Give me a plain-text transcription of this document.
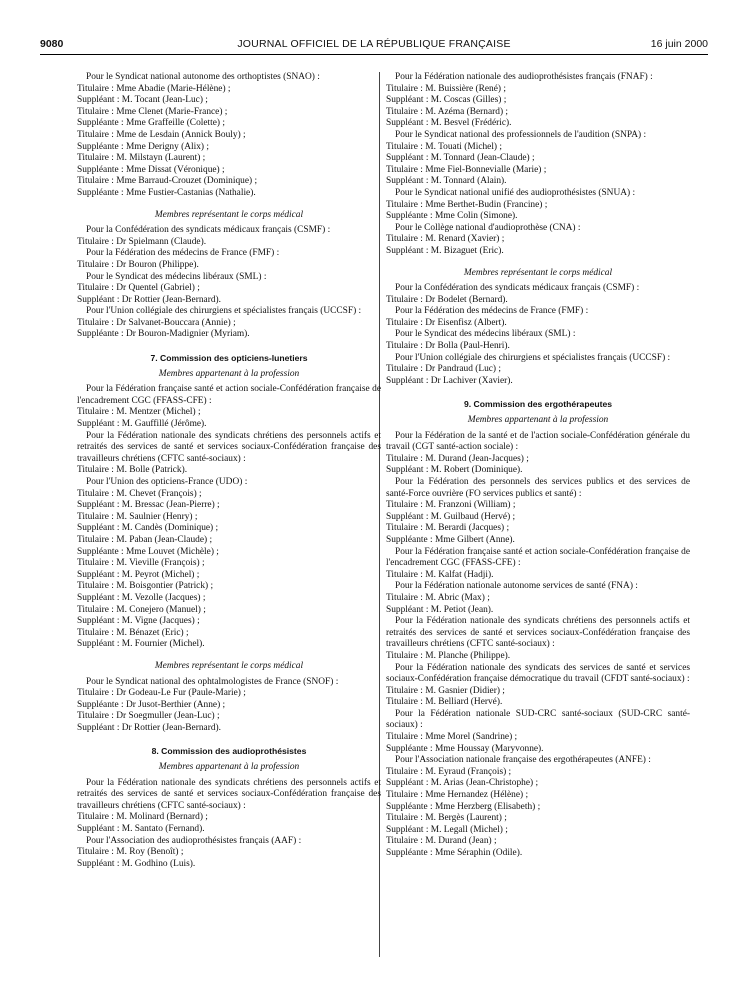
9080	JOURNAL OFFICIEL DE LA RÉPUBLIQUE FRANÇAISE	16 juin 2000
Pour le Syndicat national autonome des orthoptistes (SNAO) :
Titulaire : Mme Abadie (Marie-Hélène) ;
Suppléant : M. Tocant (Jean-Luc) ;
Titulaire : Mme Clenet (Marie-France) ;
Suppléante : Mme Graffeille (Colette) ;
Titulaire : Mme de Lesdain (Annick Bouly) ;
Suppléante : Mme Derigny (Alix) ;
Titulaire : M. Milstayn (Laurent) ;
Suppléante : Mme Dissat (Véronique) ;
Titulaire : Mme Barraud-Crouzet (Dominique) ;
Suppléante : Mme Fustier-Castanias (Nathalie).
Membres représentant le corps médical
Pour la Confédération des syndicats médicaux français (CSMF) :
Titulaire : Dr Spielmann (Claude).
Pour la Fédération des médecins de France (FMF) :
Titulaire : Dr Bouron (Philippe).
Pour le Syndicat des médecins libéraux (SML) :
Titulaire : Dr Quentel (Gabriel) ;
Suppléant : Dr Rottier (Jean-Bernard).
Pour l'Union collégiale des chirurgiens et spécialistes français (UCCSF) :
Titulaire : Dr Salvanet-Bouccara (Annie) ;
Suppléante : Dr Bouron-Madignier (Myriam).
7. Commission des opticiens-lunetiers
Membres appartenant à la profession
Pour la Fédération française santé et action sociale-Confédération française de l'encadrement CGC (FFASS-CFE) :
Titulaire : M. Mentzer (Michel) ;
Suppléant : M. Gauffillé (Jérôme).
Pour la Fédération nationale des syndicats chrétiens des personnels actifs et retraités des services de santé et services sociaux-Confédération française des travailleurs chrétiens (CFTC santé-sociaux) :
Titulaire : M. Bolle (Patrick).
Pour l'Union des opticiens-France (UDO) :
Titulaire : M. Chevet (François) ;
Suppléant : M. Bressac (Jean-Pierre) ;
Titulaire : M. Saulnier (Henry) ;
Suppléant : M. Candès (Dominique) ;
Titulaire : M. Paban (Jean-Claude) ;
Suppléante : Mme Louvet (Michèle) ;
Titulaire : M. Vieville (François) ;
Suppléant : M. Peyrot (Michel) ;
Titulaire : M. Boisgontier (Patrick) ;
Suppléant : M. Vezolle (Jacques) ;
Titulaire : M. Conejero (Manuel) ;
Suppléant : M. Vigne (Jacques) ;
Titulaire : M. Bénazet (Eric) ;
Suppléant : M. Fournier (Michel).
Membres représentant le corps médical
Pour le Syndicat national des ophtalmologistes de France (SNOF) :
Titulaire : Dr Godeau-Le Fur (Paule-Marie) ;
Suppléante : Dr Jusot-Berthier (Anne) ;
Titulaire : Dr Soegmuller (Jean-Luc) ;
Suppléant : Dr Rottier (Jean-Bernard).
8. Commission des audioprothésistes
Membres appartenant à la profession
Pour la Fédération nationale des syndicats chrétiens des personnels actifs et retraités des services de santé et services sociaux-Confédération française des travailleurs chrétiens (CFTC santé-sociaux) :
Titulaire : M. Molinard (Bernard) ;
Suppléant : M. Santato (Fernand).
Pour l'Association des audioprothésistes français (AAF) :
Titulaire : M. Roy (Benoît) ;
Suppléant : M. Godhino (Luis).
Pour la Fédération nationale des audioprothésistes français (FNAF) :
Titulaire : M. Buissière (René) ;
Suppléant : M. Coscas (Gilles) ;
Titulaire : M. Azéma (Bernard) ;
Suppléant : M. Besvel (Frédéric).
Pour le Syndicat national des professionnels de l'audition (SNPA) :
Titulaire : M. Touati (Michel) ;
Suppléant : M. Tonnard (Jean-Claude) ;
Titulaire : Mme Fiel-Bonnevialle (Marie) ;
Suppléant : M. Tonnard (Alain).
Pour le Syndicat national unifié des audioprothésistes (SNUA) :
Titulaire : Mme Berthet-Budin (Francine) ;
Suppléante : Mme Colin (Simone).
Pour le Collège national d'audioprothèse (CNA) :
Titulaire : M. Renard (Xavier) ;
Suppléant : M. Bizaguet (Eric).
Membres représentant le corps médical
Pour la Confédération des syndicats médicaux français (CSMF) :
Titulaire : Dr Bodelet (Bernard).
Pour la Fédération des médecins de France (FMF) :
Titulaire : Dr Eisenfisz (Albert).
Pour le Syndicat des médecins libéraux (SML) :
Titulaire : Dr Bolla (Paul-Henri).
Pour l'Union collégiale des chirurgiens et spécialistes français (UCCSF) :
Titulaire : Dr Pandraud (Luc) ;
Suppléant : Dr Lachiver (Xavier).
9. Commission des ergothérapeutes
Membres appartenant à la profession
Pour la Fédération de la santé et de l'action sociale-Confédération générale du travail (CGT santé-action sociale) :
Titulaire : M. Durand (Jean-Jacques) ;
Suppléant : M. Robert (Dominique).
Pour la Fédération des personnels des services publics et des services de santé-Force ouvrière (FO services publics et santé) :
Titulaire : M. Franzoni (William) ;
Suppléant : M. Guilbaud (Hervé) ;
Titulaire : M. Berardi (Jacques) ;
Suppléante : Mme Gilbert (Anne).
Pour la Fédération française santé et action sociale-Confédération française de l'encadrement CGC (FFASS-CFE) :
Titulaire : M. Kalfat (Hadji).
Pour la Fédération nationale autonome services de santé (FNA) :
Titulaire : M. Abric (Max) ;
Suppléant : M. Petiot (Jean).
Pour la Fédération nationale des syndicats chrétiens des personnels actifs et retraités des services de santé et services sociaux-Confédération française des travailleurs chrétiens (CFTC santé-sociaux) :
Titulaire : M. Planche (Philippe).
Pour la Fédération nationale des syndicats des services de santé et services sociaux-Confédération française démocratique du travail (CFDT santé-sociaux) :
Titulaire : M. Gasnier (Didier) ;
Titulaire : M. Belliard (Hervé).
Pour la Fédération nationale SUD-CRC santé-sociaux (SUD-CRC santé-sociaux) :
Titulaire : Mme Morel (Sandrine) ;
Suppléante : Mme Houssay (Maryvonne).
Pour l'Association nationale française des ergothérapeutes (ANFE) :
Titulaire : M. Eyraud (François) ;
Suppléant : M. Arias (Jean-Christophe) ;
Titulaire : Mme Hernandez (Hélène) ;
Suppléante : Mme Herzberg (Elisabeth) ;
Titulaire : M. Bergès (Laurent) ;
Suppléant : M. Legall (Michel) ;
Titulaire : M. Durand (Jean) ;
Suppléante : Mme Séraphin (Odile).
